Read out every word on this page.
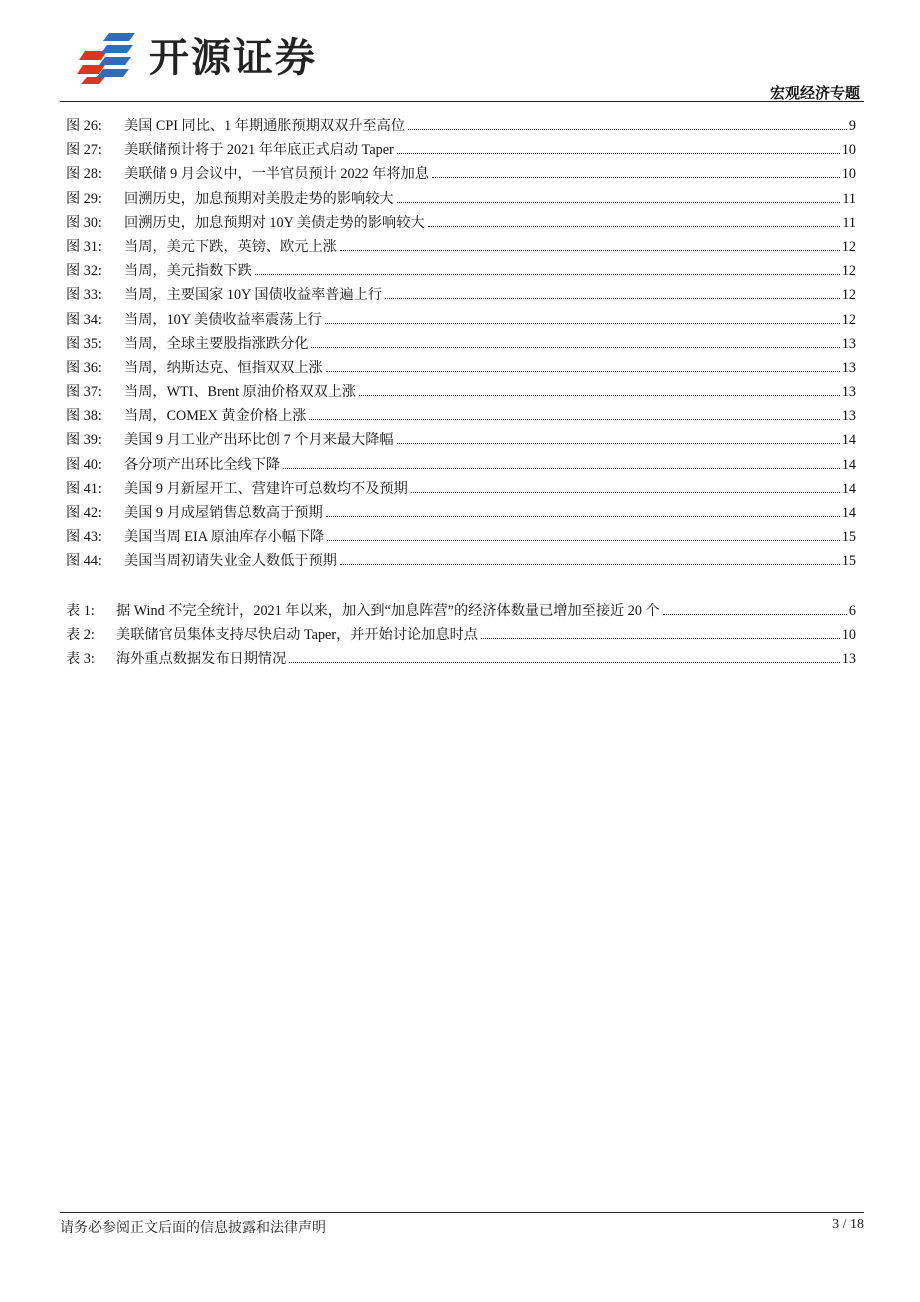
开源证券
宏观经济专题
图 26:	美国 CPI 同比、1 年期通胀预期双双升至高位	9
图 27:	美联储预计将于 2021 年年底正式启动 Taper	10
图 28:	美联储 9 月会议中，一半官员预计 2022 年将加息	10
图 29:	回溯历史，加息预期对美股走势的影响较大	11
图 30:	回溯历史，加息预期对 10Y 美债走势的影响较大	11
图 31:	当周，美元下跌，英镑、欧元上涨	12
图 32:	当周，美元指数下跌	12
图 33:	当周，主要国家 10Y 国债收益率普遍上行	12
图 34:	当周，10Y 美债收益率震荡上行	12
图 35:	当周，全球主要股指涨跌分化	13
图 36:	当周，纳斯达克、恒指双双上涨	13
图 37:	当周，WTI、Brent 原油价格双双上涨	13
图 38:	当周，COMEX 黄金价格上涨	13
图 39:	美国 9 月工业产出环比创 7 个月来最大降幅	14
图 40:	各分项产出环比全线下降	14
图 41:	美国 9 月新屋开工、营建许可总数均不及预期	14
图 42:	美国 9 月成屋销售总数高于预期	14
图 43:	美国当周 EIA 原油库存小幅下降	15
图 44:	美国当周初请失业金人数低于预期	15
表 1:	据 Wind 不完全统计，2021 年以来，加入到“加息阵营”的经济体数量已增加至接近 20 个	6
表 2:	美联储官员集体支持尽快启动 Taper，并开始讨论加息时点	10
表 3:	海外重点数据发布日期情况	13
请务必参阅正文后面的信息披露和法律声明	3 / 18
